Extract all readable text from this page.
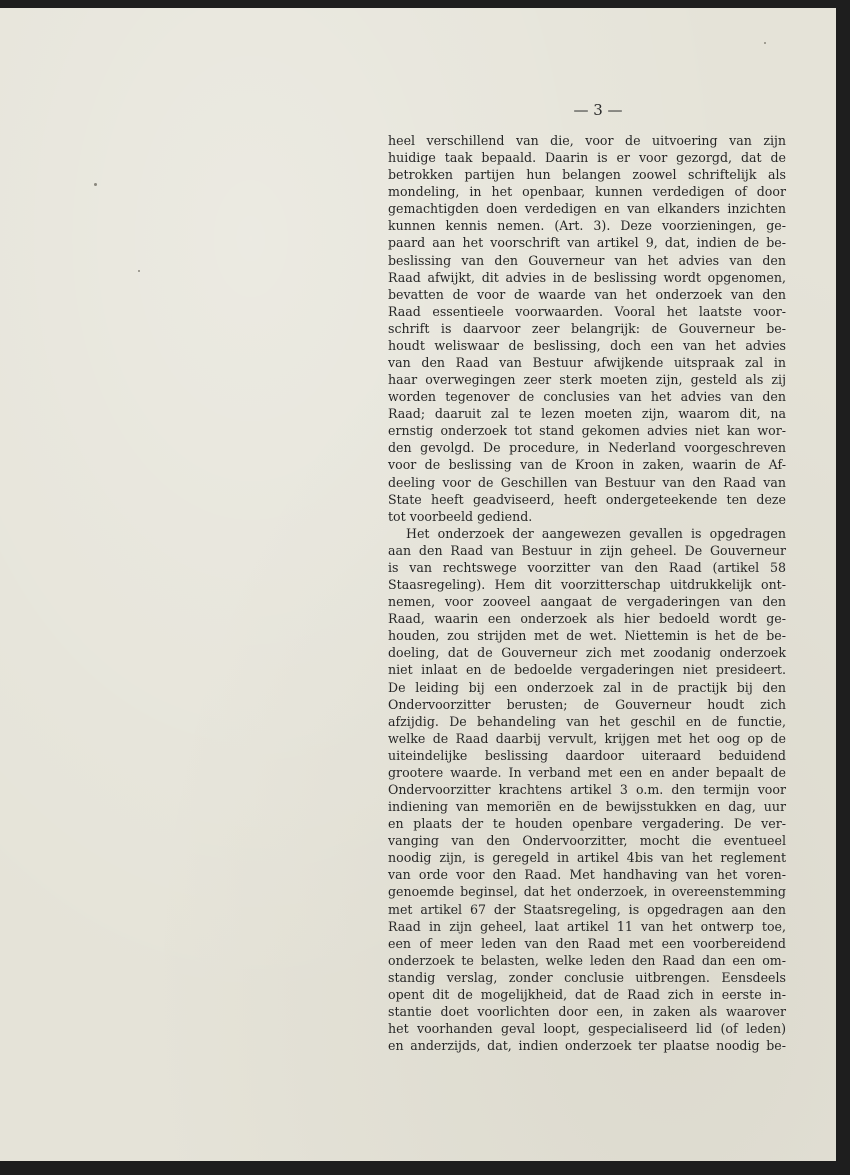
— 3 —

heel verschillend van die, voor de uitvoering van zijn
huidige taak bepaald. Daarin is er voor gezorgd, dat de
betrokken partijen hun belangen zoowel schriftelijk als
mondeling, in het openbaar, kunnen verdedigen of door
gemachtigden doen verdedigen en van elkanders inzichten
kunnen kennis nemen. (Art. 3). Deze voorzieningen, ge-
paard aan het voorschrift van artikel 9, dat, indien de be-
beslissing van den Gouverneur van het advies van den
Raad afwijkt, dit advies in de beslissing wordt opgenomen,
bevatten de voor de waarde van het onderzoek van den
Raad essentieele voorwaarden. Vooral het laatste voor-
schrift is daarvoor zeer belangrijk: de Gouverneur be-
houdt weliswaar de beslissing, doch een van het advies
van den Raad van Bestuur afwijkende uitspraak zal in
haar overwegingen zeer sterk moeten zijn, gesteld als zij
worden tegenover de conclusies van het advies van den
Raad; daaruit zal te lezen moeten zijn, waarom dit, na
ernstig onderzoek tot stand gekomen advies niet kan wor-
den gevolgd. De procedure, in Nederland voorgeschreven
voor de beslissing van de Kroon in zaken, waarin de Af-
deeling voor de Geschillen van Bestuur van den Raad van
State heeft geadviseerd, heeft ondergeteekende ten deze
tot voorbeeld gediend.
Het onderzoek der aangewezen gevallen is opgedragen
aan den Raad van Bestuur in zijn geheel. De Gouverneur
is van rechtswege voorzitter van den Raad (artikel 58
Staasregeling). Hem dit voorzitterschap uitdrukkelijk ont-
nemen, voor zooveel aangaat de vergaderingen van den
Raad, waarin een onderzoek als hier bedoeld wordt ge-
houden, zou strijden met de wet. Niettemin is het de be-
doeling, dat de Gouverneur zich met zoodanig onderzoek
niet inlaat en de bedoelde vergaderingen niet presideert.
De leiding bij een onderzoek zal in de practijk bij den
Ondervoorzitter berusten; de Gouverneur houdt zich
afzijdig. De behandeling van het geschil en de functie,
welke de Raad daarbij vervult, krijgen met het oog op de
uiteindelijke beslissing daardoor uiteraard beduidend
grootere waarde. In verband met een en ander bepaalt de
Ondervoorzitter krachtens artikel 3 o.m. den termijn voor
indiening van memoriën en de bewijsstukken en dag, uur
en plaats der te houden openbare vergadering. De ver-
vanging van den Ondervoorzitter, mocht die eventueel
noodig zijn, is geregeld in artikel 4bis van het reglement
van orde voor den Raad. Met handhaving van het voren-
genoemde beginsel, dat het onderzoek, in overeenstemming
met artikel 67 der Staatsregeling, is opgedragen aan den
Raad in zijn geheel, laat artikel 11 van het ontwerp toe,
een of meer leden van den Raad met een voorbereidend
onderzoek te belasten, welke leden den Raad dan een om-
standig verslag, zonder conclusie uitbrengen. Eensdeels
opent dit de mogelijkheid, dat de Raad zich in eerste in-
stantie doet voorlichten door een, in zaken als waarover
het voorhanden geval loopt, gespecialiseerd lid (of leden)
en anderzijds, dat, indien onderzoek ter plaatse noodig be-
